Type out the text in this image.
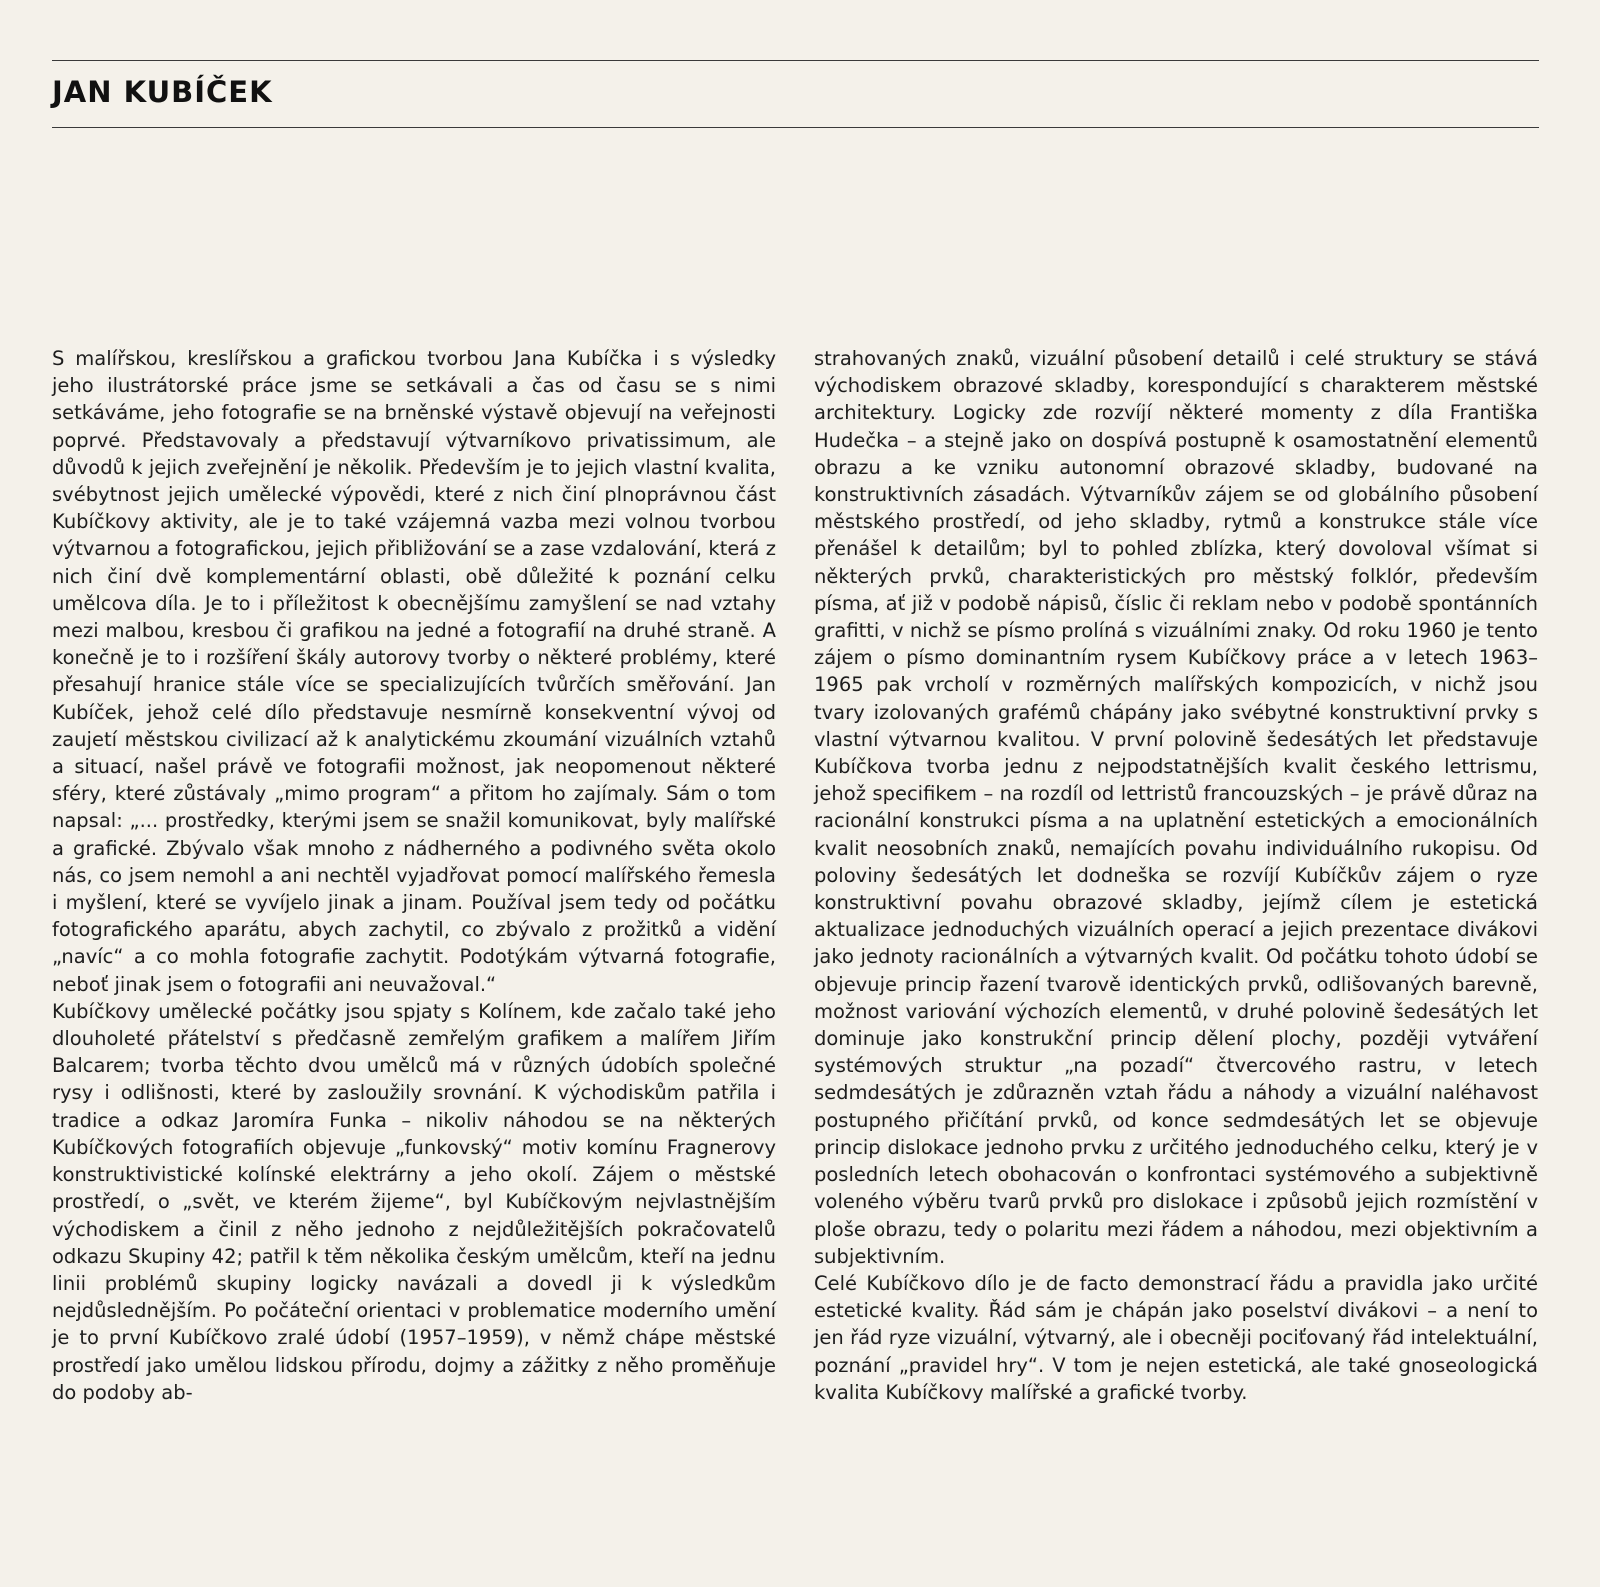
JAN KUBÍČEK

S malířskou, kreslířskou a grafickou tvorbou Jana Kubíčka i s výsledky jeho ilustrátorské práce jsme se setkávali a čas od času se s nimi setkáváme, jeho fotografie se na brněnské výstavě objevují na veřejnosti poprvé. Představovaly a představují výtvarníkovo privatissimum, ale důvodů k jejich zveřejnění je několik. Především je to jejich vlastní kvalita, svébytnost jejich umělecké výpovědi, které z nich činí plnoprávnou část Kubíčkovy aktivity, ale je to také vzájemná vazba mezi volnou tvorbou výtvarnou a fotografickou, jejich přibližování se a zase vzdalování, která z nich činí dvě komplementární oblasti, obě důležité k poznání celku umělcova díla. Je to i příležitost k obecnějšímu zamyšlení se nad vztahy mezi malbou, kresbou či grafikou na jedné a fotografií na druhé straně. A konečně je to i rozšíření škály autorovy tvorby o některé problémy, které přesahují hranice stále více se specializujících tvůrčích směřování. Jan Kubíček, jehož celé dílo představuje nesmírně konsekventní vývoj od zaujetí městskou civilizací až k analytickému zkoumání vizuálních vztahů a situací, našel právě ve fotografii možnost, jak neopomenout některé sféry, které zůstávaly „mimo program“ a přitom ho zajímaly. Sám o tom napsal: „... prostředky, kterými jsem se snažil komunikovat, byly malířské a grafické. Zbývalo však mnoho z nádherného a podivného světa okolo nás, co jsem nemohl a ani nechtěl vyjadřovat pomocí malířského řemesla i myšlení, které se vyvíjelo jinak a jinam. Používal jsem tedy od počátku fotografického aparátu, abych zachytil, co zbývalo z prožitků a vidění „navíc“ a co mohla fotografie zachytit. Podotýkám výtvarná fotografie, neboť jinak jsem o fotografii ani neuvažoval.“

Kubíčkovy umělecké počátky jsou spjaty s Kolínem, kde začalo také jeho dlouholeté přátelství s předčasně zemřelým grafikem a malířem Jiřím Balcarem; tvorba těchto dvou umělců má v různých údobích společné rysy i odlišnosti, které by zasloužily srovnání. K východiskům patřila i tradice a odkaz Jaromíra Funka – nikoliv náhodou se na některých Kubíčkových fotografiích objevuje „funkovský“ motiv komínu Fragnerovy konstruktivistické kolínské elektrárny a jeho okolí. Zájem o městské prostředí, o „svět, ve kterém žijeme“, byl Kubíčkovým nejvlastnějším východiskem a činil z něho jednoho z nejdůležitějších pokračovatelů odkazu Skupiny 42; patřil k těm několika českým umělcům, kteří na jednu linii problémů skupiny logicky navázali a dovedl ji k výsledkům nejdůslednějším. Po počáteční orientaci v problematice moderního umění je to první Kubíčkovo zralé údobí (1957–1959), v němž chápe městské prostředí jako umělou lidskou přírodu, dojmy a zážitky z něho proměňuje do podoby ab-

strahovaných znaků, vizuální působení detailů i celé struktury se stává východiskem obrazové skladby, korespondující s charakterem městské architektury. Logicky zde rozvíjí některé momenty z díla Františka Hudečka – a stejně jako on dospívá postupně k osamostatnění elementů obrazu a ke vzniku autonomní obrazové skladby, budované na konstruktivních zásadách. Výtvarníkův zájem se od globálního působení městského prostředí, od jeho skladby, rytmů a konstrukce stále více přenášel k detailům; byl to pohled zblízka, který dovoloval všímat si některých prvků, charakteristických pro městský folklór, především písma, ať již v podobě nápisů, číslic či reklam nebo v podobě spontánních grafitti, v nichž se písmo prolíná s vizuálními znaky. Od roku 1960 je tento zájem o písmo dominantním rysem Kubíčkovy práce a v letech 1963–1965 pak vrcholí v rozměrných malířských kompozicích, v nichž jsou tvary izolovaných grafémů chápány jako svébytné konstruktivní prvky s vlastní výtvarnou kvalitou. V první polovině šedesátých let představuje Kubíčkova tvorba jednu z nejpodstatnějších kvalit českého lettrismu, jehož specifikem – na rozdíl od lettristů francouzských – je právě důraz na racionální konstrukci písma a na uplatnění estetických a emocionálních kvalit neosobních znaků, nemajících povahu individuálního rukopisu. Od poloviny šedesátých let dodneška se rozvíjí Kubíčkův zájem o ryze konstruktivní povahu obrazové skladby, jejímž cílem je estetická aktualizace jednoduchých vizuálních operací a jejich prezentace divákovi jako jednoty racionálních a výtvarných kvalit. Od počátku tohoto údobí se objevuje princip řazení tvarově identických prvků, odlišovaných barevně, možnost variování výchozích elementů, v druhé polovině šedesátých let dominuje jako konstrukční princip dělení plochy, později vytváření systémových struktur „na pozadí“ čtvercového rastru, v letech sedmdesátých je zdůrazněn vztah řádu a náhody a vizuální naléhavost postupného přičítání prvků, od konce sedmdesátých let se objevuje princip dislokace jednoho prvku z určitého jednoduchého celku, který je v posledních letech obohacován o konfrontaci systémového a subjektivně voleného výběru tvarů prvků pro dislokace i způsobů jejich rozmístění v ploše obrazu, tedy o polaritu mezi řádem a náhodou, mezi objektivním a subjektivním.

Celé Kubíčkovo dílo je de facto demonstrací řádu a pravidla jako určité estetické kvality. Řád sám je chápán jako poselství divákovi – a není to jen řád ryze vizuální, výtvarný, ale i obecněji pociťovaný řád intelektuální, poznání „pravidel hry“. V tom je nejen estetická, ale také gnoseologická kvalita Kubíčkovy malířské a grafické tvorby.
